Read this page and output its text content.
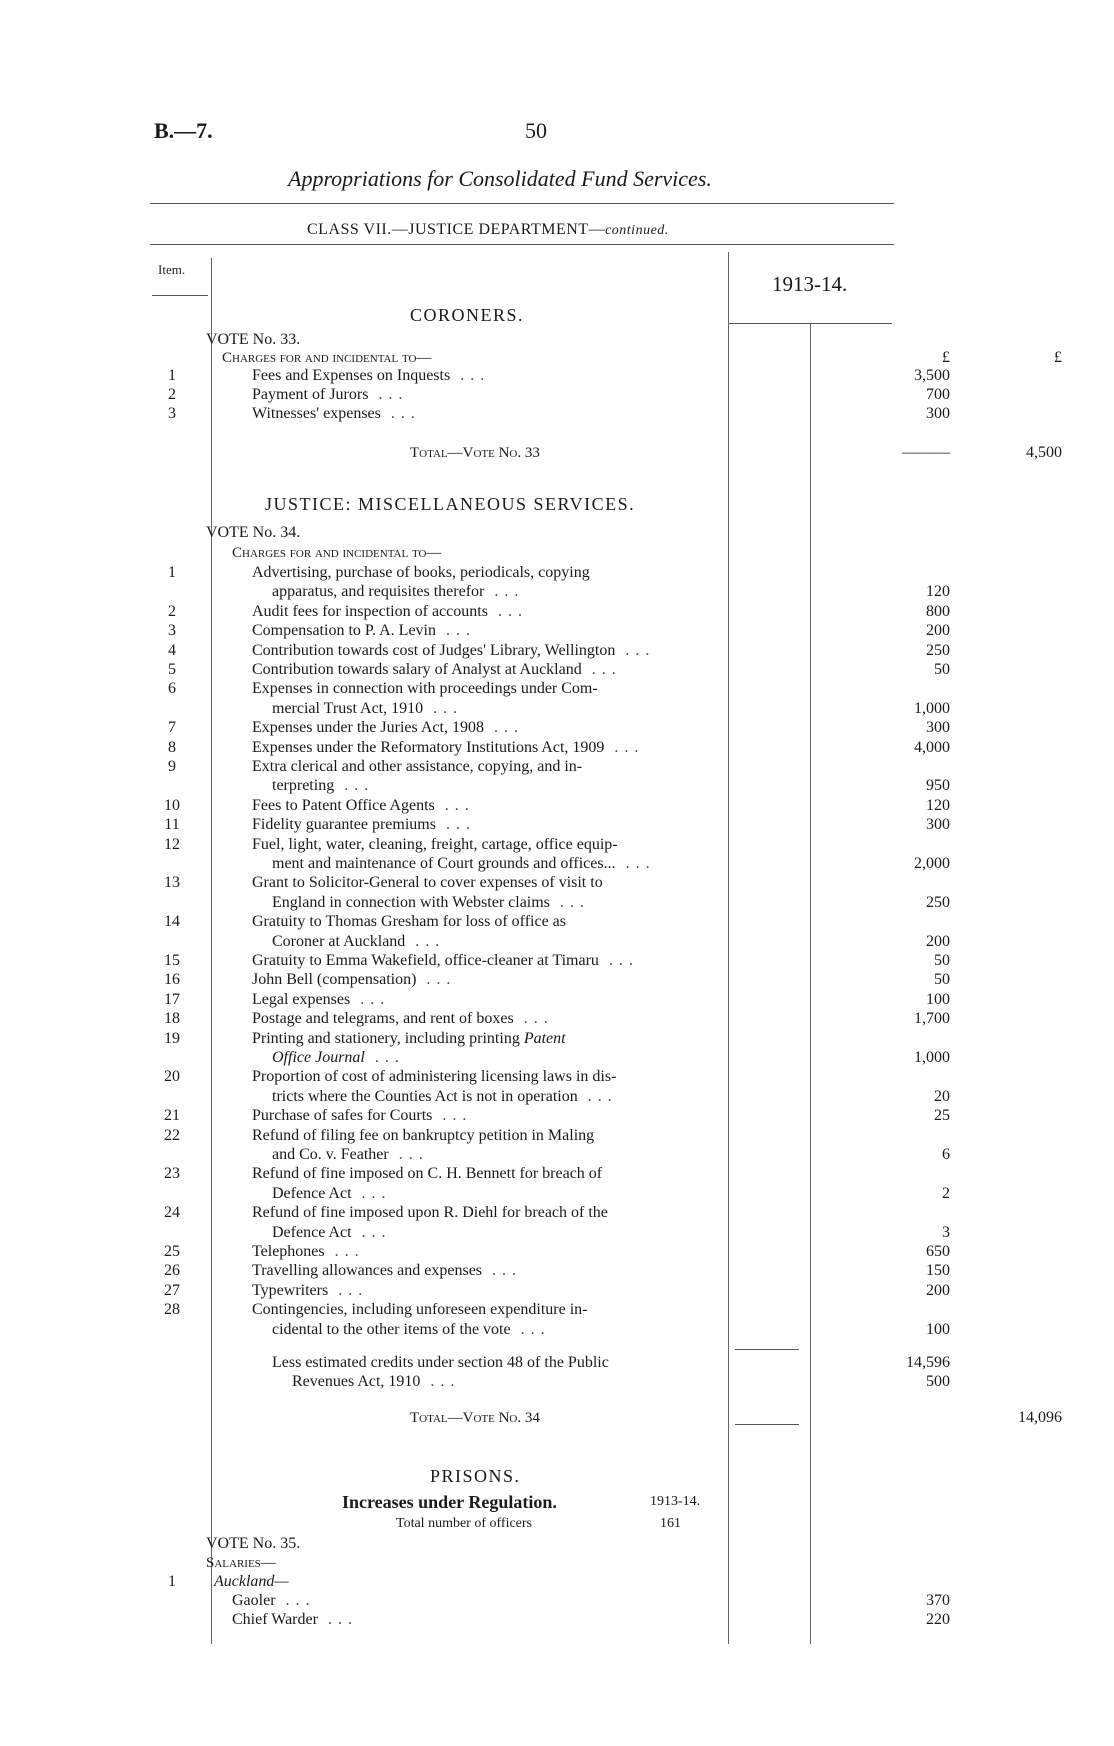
B.—7.	50
Appropriations for Consolidated Fund Services.
CLASS VII.—JUSTICE DEPARTMENT—continued.
Item.
1913-14.
CORONERS.
VOTE No. 33.
Charges for and incidental to—	£	£
1	Fees and Expenses on Inquests ...	3,500
2	Payment of Jurors ...	700
3	Witnesses' expenses ...	300
Total—Vote No. 33	———	4,500
JUSTICE: MISCELLANEOUS SERVICES.
VOTE No. 34.
Charges for and incidental to—
1	Advertising, purchase of books, periodicals, copying
apparatus, and requisites therefor ...	120
2	Audit fees for inspection of accounts ...	800
3	Compensation to P. A. Levin ...	200
4	Contribution towards cost of Judges' Library, Wellington ...	250
5	Contribution towards salary of Analyst at Auckland ...	50
6	Expenses in connection with proceedings under Com-
mercial Trust Act, 1910 ...	1,000
7	Expenses under the Juries Act, 1908 ...	300
8	Expenses under the Reformatory Institutions Act, 1909 ...	4,000
9	Extra clerical and other assistance, copying, and in-
terpreting ...	950
10	Fees to Patent Office Agents ...	120
11	Fidelity guarantee premiums ...	300
12	Fuel, light, water, cleaning, freight, cartage, office equip-
ment and maintenance of Court grounds and offices... ...	2,000
13	Grant to Solicitor-General to cover expenses of visit to
England in connection with Webster claims ...	250
14	Gratuity to Thomas Gresham for loss of office as
Coroner at Auckland ...	200
15	Gratuity to Emma Wakefield, office-cleaner at Timaru ...	50
16	John Bell (compensation) ...	50
17	Legal expenses ...	100
18	Postage and telegrams, and rent of boxes ...	1,700
19	Printing and stationery, including printing Patent
Office Journal ...	1,000
20	Proportion of cost of administering licensing laws in dis-
tricts where the Counties Act is not in operation ...	20
21	Purchase of safes for Courts ...	25
22	Refund of filing fee on bankruptcy petition in Maling
and Co. v. Feather ...	6
23	Refund of fine imposed on C. H. Bennett for breach of
Defence Act ...	2
24	Refund of fine imposed upon R. Diehl for breach of the
Defence Act ...	3
25	Telephones ...	650
26	Travelling allowances and expenses ...	150
27	Typewriters ...	200
28	Contingencies, including unforeseen expenditure in-
cidental to the other items of the vote ...	100
Less estimated credits under section 48 of the Public	14,596
Revenues Act, 1910 ...	500
Total—Vote No. 34	14,096
PRISONS.
Increases under Regulation.	1913-14.
Total number of officers	161
VOTE No. 35.
Salaries—
1	Auckland—
Gaoler ...	370
Chief Warder ...	220
